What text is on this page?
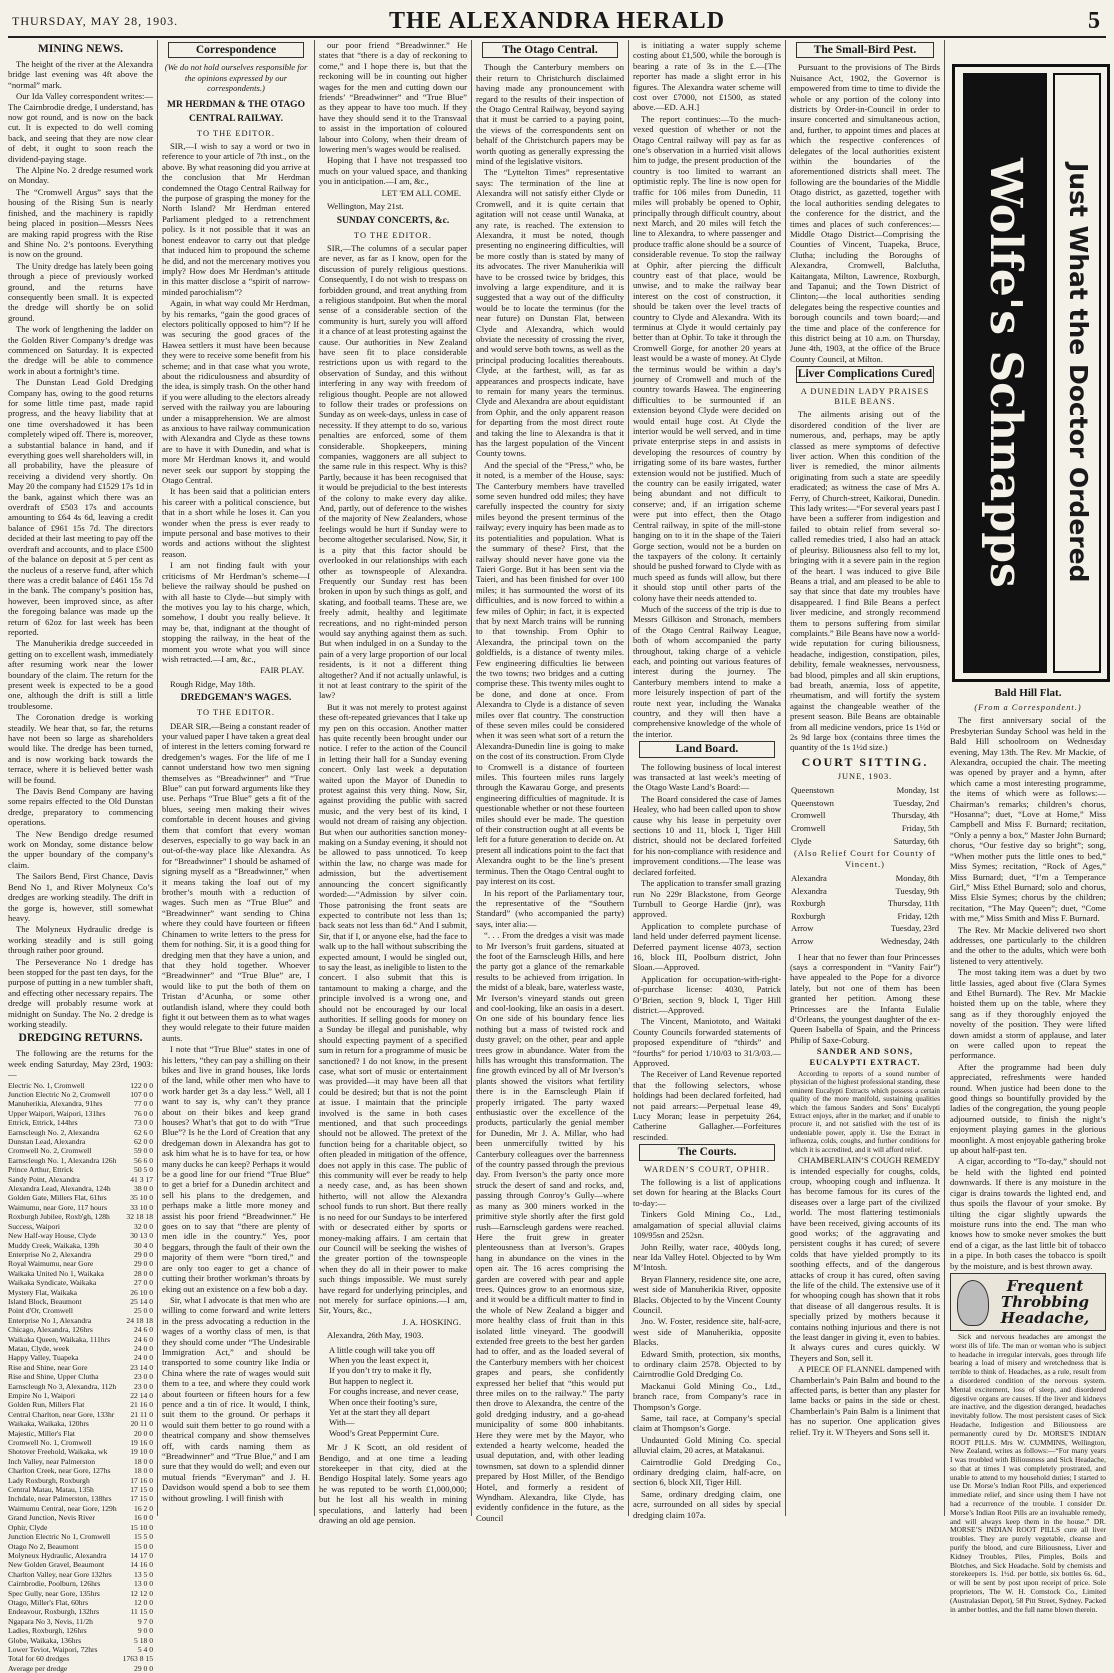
THURSDAY, MAY 28, 1903.	THE ALEXANDRA HERALD	5
MINING NEWS.

The height of the river at the Alexandra bridge last evening was 4ft above the “normal” mark.

Our Ida Valley correspondent writes:—The Cairnbrodie dredge, I understand, has now got round, and is now on the back cut. It is expected to do well coming back, and seeing that they are now clear of debt, it ought to soon reach the dividend-paying stage.

The Alpine No. 2 dredge resumed work on Monday.

The “Cromwell Argus” says that the housing of the Rising Sun is nearly finished, and the machinery is rapidly being placed in position—Messrs Nees are making rapid progress with the Rise and Shine No. 2’s pontoons. Everything is now on the ground.

The Unity dredge has lately been going through a piece of previously worked ground, and the returns have consequently been small. It is expected the dredge will shortly be on solid ground.

The work of lengthening the ladder on the Golden River Company’s dredge was commenced on Saturday. It is expected the dredge will be able to commence work in about a fortnight’s time.

The Dunstan Lead Gold Dredging Company has, owing to the good returns for some little time past, made rapid progress, and the heavy liability that at one time overshadowed it has been completely wiped off. There is, moreover, a substantial balance in hand, and if everything goes well shareholders will, in all probability, have the pleasure of receiving a dividend very shortly. On May 20 the company had £1529 17s 1d in the bank, against which there was an overdraft of £503 17s and accounts amounting to £64 4s 6d, leaving a credit balance of £961 15s 7d. The directors decided at their last meeting to pay off the overdraft and accounts, and to place £500 of the balance on deposit at 5 per cent as the nucleus of a reserve fund, after which there was a credit balance of £461 15s 7d in the bank. The company’s position has, however, been improved since, as after the foregoing balance was made up the return of 62oz for last week has been reported.

The Manuherikia dredge succeeded in getting on to excellent wash, immediately after resuming work near the lower boundary of the claim. The return for the present week is expected to be a good one, although the drift is still a little troublesome.

The Coronation dredge is working steadily. We hear that, so far, the returns have not been so large as shareholders would like. The dredge has been turned, and is now working back towards the terrace, where it is believed better wash will be found.

The Davis Bend Company are having some repairs effected to the Old Dunstan dredge, preparatory to commencing operations.

The New Bendigo dredge resumed work on Monday, some distance below the upper boundary of the company’s claim.

The Sailors Bend, First Chance, Davis Bend No 1, and River Molyneux Co’s dredges are working steadily. The drift in the gorge is, however, still somewhat heavy.

The Molyneux Hydraulic dredge is working steadily and is still going through rather poor ground.

The Perseverance No 1 dredge has been stopped for the past ten days, for the purpose of putting in a new tumbler shaft, and effecting other necessary repairs. The dredge will probably resume work at midnight on Sunday. The No. 2 dredge is working steadily.

DREDGING RETURNS.

The following are the returns for the week ending Saturday, May 23rd, 1903:—

Electric No. 1, Cromwell	122 0 0
Junction Electric No 2, Cromwell	107 0 0
Manuherikia, Alexandra, 91hrs	77 0 0
Upper Waipori, Waipori, 131hrs	76 0 0
Ettrick, Ettrick, 144hrs	73 0 0
Earnscleugh No. 2, Alexandra	62 6 0
Dunstan Lead, Alexandra	62 0 0
Cromwell No. 2, Cromwell	59 0 0
Earnscleugh No. 1, Alexandra 126h	56 6 0
Prince Arthur, Ettrick	50 5 0
Sandy Point, Alexandra	41 3 17
Alexandra Lead, Alexandra, 124h	38 0 0
Golden Gate, Millers Flat, 61hrs	35 10 0
Waimumu, near Gore, 117 hours	33 10 0
Roxburgh Jubilee, Roxb'gh, 128h	32 18 18
Success, Waipori	32 0 0
New Half-way House, Clyde	30 13 0
Muddy Creek, Waikaka, 139h	30 4 0
Enterprise No 2, Alexandra	29 0 0
Royal Waimumu, near Gore	29 0 0
Waikaka United No 1, Waikaka	28 0 0
Waikaka Syndicate, Waikaka	27 0 0
Mystery Flat, Waikaka	26 10 0
Island Block, Beaumont	25 14 0
Point d'Or, Cromwell	25 0 0
Enterprise No 1, Alexandra	24 18 18
Chicago, Alexandra, 126hrs	24 6 0
Waikaka Queen, Waikaka, 111hrs	24 6 0
Matau, Clyde, week	24 0 0
Happy Valley, Tuapeka	24 0 0
Rise and Shine, near Gore	23 14 0
Rise and Shine, Upper Clutha	23 0 0
Earnscleugh No 3, Alexandra, 112h	23 0 0
Empire No 1, Waipori	22 14 0
Golden Run, Millers Flat	21 16 0
Central Charlton, near Gore, 133hr	21 11 0
Waikaka, Waikaka, 120hrs	20 11 0
Majestic, Miller's Flat	20 0 0
Cromwell No. 1, Cromwell	19 16 0
Shotover Freehold, Waikaka, wk	19 10 0
Inch Valley, near Palmerston	18 0 0
Charlton Creek, near Gore, 127hs	18 0 0
Lady Roxburgh, Roxburgh	17 16 0
Central Matau, Matau, 135h	17 15 0
Inchdale, near Palmerston, 138hrs	17 15 0
Waimumu Central, near Gore, 129h	16 2 0
Grand Junction, Nevis River	16 0 0
Ophir, Clyde	15 10 0
Junction Electric No 1, Cromwell	15 5 0
Otago No 2, Beaumont	15 0 0
Molyneux Hydraulic, Alexandra	14 17 0
New Golden Gravel, Beaumont	14 16 0
Charlton Valley, near Gore 132hrs	13 5 0
Cairnbrodie, Poolburn, 126hrs	13 0 0
Spec Gully, near Gore, 135hrs	12 12 0
Otago, Miller's Flat, 60hrs	12 0 0
Endeavour, Roxburgh, 132hrs	11 15 0
Ngapara No 3, Nevis, 11/2h	9 7 0
Ladies, Roxburgh, 126hrs	9 0 0
Globe, Waikaka, 136hrs	5 18 0
Lower Teviot, Waipori, 72hrs	5 4 0
Total for 60 dredges	1763 8 15
Average per dredge	29 0 0
Correspondence
(We do not hold ourselves responsible for the opinions expressed by our correspondents.)
MR HERDMAN & THE OTAGO CENTRAL RAILWAY.
TO THE EDITOR.

SIR,—I wish to say a word or two in reference to your article of 7th inst., on the above. By what reasoning did you arrive at the conclusion that Mr Herdman condemned the Otago Central Railway for the purpose of grasping the money for the North Island? Mr Herdman entered Parliament pledged to a retrenchment policy. Is it not possible that it was an honest endeavor to carry out that pledge that induced him to propound the scheme he did, and not the mercenary motives you imply? How does Mr Herdman’s attitude in this matter disclose a “spirit of narrow-minded parochialism”?

Again, in what way could Mr Herdman, by his remarks, “gain the good graces of electors politically opposed to him”? If he was securing the good graces of the Hawea settlers it must have been because they were to receive some benefit from his scheme; and in that case what you wrote, about the ridiculousness and absurdity of the idea, is simply trash. On the other hand if you were alluding to the electors already served with the railway you are labouring under a misapprehension. We are almost as anxious to have railway communication with Alexandra and Clyde as these towns are to have it with Dunedin, and what is more Mr Herdman knows it, and would never seek our support by stopping the Otago Central.

It has been said that a politician enters his career with a political conscience, but that in a short while he loses it. Can you wonder when the press is ever ready to impute personal and base motives to their words and actions without the slightest reason.

I am not finding fault with your criticisms of Mr Herdman’s scheme—I believe the railway should be pushed on with all haste to Clyde—but simply with the motives you lay to his charge, which, somehow, I doubt you really believe. It may be, that, indignant at the thought of stopping the railway, in the heat of the moment you wrote what you will since wish retracted.—I am, &c.,

FAIR PLAY.

Rough Ridge, May 18th.

DREDGEMAN’S WAGES.
TO THE EDITOR.

DEAR SIR,—Being a constant reader of your valued paper I have taken a great deal of interest in the letters coming forward re dredgemen’s wages. For the life of me I cannot understand how two men signing themselves as “Breadwinner” and “True Blue” can put forward arguments like they use. Perhaps “True Blue” gets a fit of the blues, seeing men making their wives comfortable in decent houses and giving them that comfort that every woman deserves, especially to go way back in an out-of-the-way place like Alexandra. As for “Breadwinner” I should be ashamed of signing myself as a “Breadwinner,” when it means taking the loaf out of my brother’s mouth with a reduction of wages. Such men as “True Blue” and “Breadwinner” want sending to China where they could have fourteen or fifteen Chinamen to write letters to the press for them for nothing. Sir, it is a good thing for dredging men that they have a union, and that they hold together. Whoever “Breadwinner” and “True Blue” are, I would like to put the both of them on Tristan d’Acunha, or some other outlandish island, where they could both fight it out between them as to what wages they would relegate to their future maiden aunts.

I note that “True Blue” states in one of his letters, “they can pay a shilling on their bikes and live in grand houses, like lords of the land, while other men who have to work harder get 3s a day less.” Well, all I want to say is, why can’t they prance about on their bikes and keep grand houses? What’s that got to do with “True Blue”? Is he the Lord of Creation that any dredgeman down in Alexandra has got to ask him what he is to have for tea, or how many ducks he can keep? Perhaps it would be a good line for our friend “True Blue” to get a brief for a Dunedin architect and sell his plans to the dredgemen, and perhaps make a little more money and assist his poor friend “Breadwinner.” He goes on to say that “there are plenty of men idle in the country.” Yes, poor beggars, through the fault of their own the majority of them were “born tired,” and are only too eager to get a chance of cutting their brother workman’s throats by eking out an existence on a few bob a day.

Sir, what I advocate is that men who are willing to come forward and write letters in the press advocating a reduction in the wages of a worthy class of men, is that they should come under “The Undesirable Immigration Act,” and should be transported to some country like India or China where the rate of wages would suit them to a tee, and where they could work about fourteen or fifteen hours for a few pence and a tin of rice. It would, I think, suit them to the ground. Or perhaps it would suit them better to go round with a theatrical company and show themselves off, with cards naming them as “Breadwinner” and “True Blue,” and I am sure that they would do well; and even our mutual friends “Everyman” and J. H. Davidson would spend a bob to see them without growling. I will finish with

our poor friend “Breadwinner.” He states that “there is a day of reckoning to come,” and I hope there is, but that the reckoning will be in counting out higher wages for the men and cutting down our friends’ “Breadwinner” and “True Blue” as they appear to have too much. If they have they should send it to the Transvaal to assist in the importation of coloured labour into Colony, when their dream of lowering men’s wages would be realised.

Hoping that I have not trespassed too much on your valued space, and thanking you in anticipation.—I am, &c.,

LET 'EM ALL COME.

Wellington, May 21st.

SUNDAY CONCERTS, &c.
TO THE EDITOR.

SIR,—The columns of a secular paper are never, as far as I know, open for the discussion of purely religious questions. Consequently, I do not wish to trespass on forbidden ground, and treat anything from a religious standpoint. But when the moral sense of a considerable section of the community is hurt, surely you will afford it a chance of at least protesting against the cause. Our authorities in New Zealand have seen fit to place considerable restrictions upon us with regard to the observation of Sunday, and this without interfering in any way with freedom of religious thought. People are not allowed to follow their trades or professions on Sunday as on week-days, unless in case of necessity. If they attempt to do so, various penalties are enforced, some of them considerable. Shopkeepers, mining companies, waggoners are all subject to the same rule in this respect. Why is this? Partly, because it has been recognised that it would be prejudicial to the best interests of the colony to make every day alike. And, partly, out of deference to the wishes of the majority of New Zealanders, whose feelings would be hurt if Sunday were to become altogether secularised. Now, Sir, it is a pity that this factor should be overlooked in our relationships with each other as townspeople of Alexandra. Frequently our Sunday rest has been broken in upon by such things as golf, and skating, and football teams. These are, we freely admit, healthy and legitimate recreations, and no right-minded person would say anything against them as such. But when indulged in on a Sunday to the pain of a very large proportion of our local residents, is it not a different thing altogether? And if not actually unlawful, is it not at least contrary to the spirit of the law?

But it was not merely to protest against these oft-repeated grievances that I take up my pen on this occasion. Another matter has quite recently been brought under our notice. I refer to the action of the Council in letting their hall for a Sunday evening concert. Only last week a deputation waited upon the Mayor of Dunedin to protest against this very thing. Now, Sir, against providing the public with sacred music, and the very best of its kind, I would not dream of raising any objection. But when our authorities sanction money-making on a Sunday evening, it should not be allowed to pass unnoticed. To keep within the law, no charge was made for admission, but the advertisement announcing the concert significantly worded:—“Admission by silver coin. Those patronising the front seats are expected to contribute not less than 1s; back seats not less than 6d.” And I submit, Sir, that if I, or anyone else, had the face to walk up to the hall without subscribing the expected amount, I would be singled out, to say the least, as ineligible to listen to the concert. I also submit that this is tantamount to making a charge, and the principle involved is a wrong one, and should not be encouraged by our local authorities. If selling goods for money on a Sunday be illegal and punishable, why should expecting payment of a specified sum in return for a programme of music be sanctioned? I do not know, in the present case, what sort of music or entertainment was provided—it may have been all that could be desired; but that is not the point at issue. I maintain that the principle involved is the same in both cases mentioned, and that such proceedings should not be allowed. The pretext of the function being for a charitable object, so often pleaded in mitigation of the offence, does not apply in this case. The public of this community will ever be ready to help a needy case, and, as has been shown hitherto, will not allow the Alexandra school funds to run short. But there really is no need for our Sundays to be interfered with or desecrated either by sports or money-making affairs. I am certain that our Council will be seeking the wishes of the greater portion of the townspeople when they do all in their power to make such things impossible. We must surely have regard for underlying principles, and not merely for surface opinions.—I am, Sir, Yours, &c.,

J. A. HOSKING.

Alexandra, 26th May, 1903.

A little cough will take you off
When you the least expect it,
If you don’t try to make it fly,
But happen to neglect it.
For coughs increase, and never cease,
When once their footing’s sure,
Yet at the start they all depart
With—
Wood’s Great Peppermint Cure.

Mr J K Scott, an old resident of Bendigo, and at one time a leading storekeeper in that city, died at the Bendigo Hospital lately. Some years ago he was reputed to be worth £1,000,000; but he lost all his wealth in mining speculations, and latterly had been drawing an old age pension.

The Otago Central.

Though the Canterbury members on their return to Christchurch disclaimed having made any pronouncement with regard to the results of their inspection of the Otago Central Railway, beyond saying that it must be carried to a paying point, the views of the correspondents sent on behalf of the Christchurch papers may be worth quoting as generally expressing the mind of the legislative visitors.

The “Lyttelton Times” representative says: The termination of the line at Alexandra will not satisfy either Clyde or Cromwell, and it is quite certain that agitation will not cease until Wanaka, at any rate, is reached. The extension to Alexandra, it must be noted, though presenting no engineering difficulties, will be more costly than is stated by many of its advocates. The river Manuherikia will have to be crossed twice by bridges, this involving a large expenditure, and it is suggested that a way out of the difficulty would be to locate the terminus (for the near future) on Dunstan Flat, between Clyde and Alexandra, which would obviate the necessity of crossing the river, and would serve both towns, as well as the principal producing localities thereabouts. Clyde, at the farthest, will, as far as appearances and prospects indicate, have to remain for many years the terminus. Clyde and Alexandra are about equidistant from Ophir, and the only apparent reason for departing from the most direct route and taking the line to Alexandra is that it has the largest population of the Vincent County towns.

And the special of the “Press,” who, be it noted, is a member of the House, says: The Canterbury members have travelled some seven hundred odd miles; they have carefully inspected the country for sixty miles beyond the present terminus of the railway; every inquiry has been made as to its potentialities and population. What is the summary of these? First, that the railway should never have gone via the Taieri Gorge. But it has been sent via the Taieri, and has been finished for over 100 miles; it has surmounted the worst of its difficulties, and is now forced to within a few miles of Ophir; in fact, it is expected that by next March trains will be running to that township. From Ophir to Alexandra, the principal town on the goldfields, is a distance of twenty miles. Few engineering difficulties lie between the two towns; two bridges and a cutting comprise these. This twenty miles ought to be done, and done at once. From Alexandra to Clyde is a distance of seven miles over flat country. The construction of these seven miles could be considered when it was seen what sort of a return the Alexandra-Dunedin line is going to make on the cost of its construction. From Clyde to Cromwell is a distance of fourteen miles. This fourteen miles runs largely through the Kawarau Gorge, and presents engineering difficulties of magnitude. It is questionable whether or not these fourteen miles should ever be made. The question of their construction ought at all events be left for a future generation to decide on. At present all indications point to the fact that Alexandra ought to be the line’s present terminus. Then the Otago Central ought to pay interest on its cost.

In his report of the Parliamentary tour, the representative of the “Southern Standard” (who accompanied the party) says, inter alia:—

“. . . From the dredges a visit was made to Mr Iverson’s fruit gardens, situated at the foot of the Earnscleugh Hills, and here the party got a glance of the remarkable results to be achieved from irrigation. In the midst of a bleak, bare, waterless waste, Mr Iverson’s vineyard stands out green and cool-looking, like an oasis in a desert. On one side of his boundary fence lies nothing but a mass of twisted rock and dusty gravel; on the other, pear and apple trees grow in abundance. Water from the hills has wrought this transformation. The fine growth evinced by all of Mr Iverson’s plants showed the visitors what fertility there is in the Earnscleugh Plain if properly irrigated. The party waxed enthusiastic over the excellence of the products, particularly the genial member for Dunedin, Mr J. A. Millar, who had been unmercifully twitted by his Canterbury colleagues over the barrenness of the country passed through the previous day. From Iverson’s the party once more struck the desert of sand and rocks, and, passing through Conroy’s Gully—where as many as 300 miners worked in the primitive style shortly after the first gold rush—Earnscleugh gardens were reached. Here the fruit grew in greater plenteousness than at Iverson’s. Grapes hang in abundance on the vines in the open air. The 16 acres comprising the garden are covered with pear and apple trees. Quinces grow to an enormous size, and it would be a difficult matter to find in the whole of New Zealand a bigger and more healthy class of fruit than in this isolated little vineyard. The goodwill extended free greets to the best her garden had to offer, and as the loaded several of the Canterbury members with her choicest grapes and pears, she confidently expressed her belief that “this would put three miles on to the railway.” The party then drove to Alexandra, the centre of the gold dredging industry, and a go-ahead municipality of some 800 inhabitants. Here they were met by the Mayor, who extended a hearty welcome, headed the usual deputation, and, with other leading townsmen, sat down to a splendid dinner prepared by Host Miller, of the Bendigo Hotel, and formerly a resident of Wyndham. Alexandra, like Clyde, has evidently confidence in the future, as the Council

is initiating a water supply scheme costing about £1,500, while the borough is bearing a rate of 3s in the £.—[The reporter has made a slight error in his figures. The Alexandra water scheme will cost over £7000, not £1500, as stated above.—ED. A.H.]

The report continues:—To the much-vexed question of whether or not the Otago Central railway will pay as far as one’s observation in a hurried visit allows him to judge, the present production of the country is too limited to warrant an optimistic reply. The line is now open for traffic for 106 miles from Dunedin, 11 miles will probably be opened to Ophir, principally through difficult country, about next March, and 20 miles will fetch the line to Alexandra, to where passenger and produce traffic alone should be a source of considerable revenue. To stop the railway at Ophir, after piercing the difficult country east of that place, would be unwise, and to make the railway bear interest on the cost of construction, it should be taken over the level tracts of country to Clyde and Alexandra. With its terminus at Clyde it would certainly pay better than at Ophir. To take it through the Cromwell Gorge, for another 20 years at least would be a waste of money. At Clyde the terminus would be within a day’s journey of Cromwell and much of the country towards Hawea. The engineering difficulties to be surmounted if an extension beyond Clyde were decided on would entail huge cost. At Clyde the interior would be well served, and in time private enterprise steps in and assists in developing the resources of country by irrigating some of its bare wastes, further extension would not be justified. Much of the country can be easily irrigated, water being abundant and not difficult to conserve; and, if an irrigation scheme were put into effect, then the Otago Central railway, in spite of the mill-stone hanging on to it in the shape of the Taieri Gorge section, would not be a burden on the taxpayers of the colony. It certainly should be pushed forward to Clyde with as much speed as funds will allow, but there it should stop until other parts of the colony have their needs attended to.

Much of the success of the trip is due to Messrs Gilkison and Stronach, members of the Otago Central Railway League, both of whom accompanied the party throughout, taking charge of a vehicle each, and pointing out various features of interest during the journey. The Canterbury members intend to make a more leisurely inspection of part of the route next year, including the Wanaka country, and they will then have a comprehensive knowledge of the whole of the interior.

Land Board.

The following business of local interest was transacted at last week’s meeting of the Otago Waste Land’s Board:—

The Board considered the case of James Healey, who had been called upon to show cause why his lease in perpetuity over sections 10 and 11, block I, Tiger Hill district, should not be declared forfeited for his non-compliance with residence and improvement conditions.—The lease was declared forfeited.

The application to transfer small grazing run No 229r Blackstone, from George Turnbull to George Hardie (jnr), was approved.

Application to complete purchase of land held under deferred payment license. Deferred payment license 4073, section 16, block III, Poolburn district, John Sloan.—Approved.

Application for occupation-with-right-of-purchase license: 4030, Patrick O’Brien, section 9, block I, Tiger Hill district.—Approved.

The Vincent, Maniototo, and Waitaki County Councils forwarded statements of proposed expenditure of “thirds” and “fourths” for period 1/10/03 to 31/3/03.—Approved.

The Receiver of Land Revenue reported that the following selectors, whose holdings had been declared forfeited, had not paid arrears:—Perpetual lease 49, Lucy Moran; lease in perpetuity 264, Catherine Gallagher.—Forfeitures rescinded.

The Courts.
WARDEN’S COURT, OPHIR.

The following is a list of applications set down for hearing at the Blacks Court to-day:—

Tinkers Gold Mining Co., Ltd., amalgamation of special alluvial claims 109/95sn and 252sn.

John Reilly, water race, 400yds long, near Ida Valley Hotel. Objected to by Wm M’Intosh.

Bryan Flannery, residence site, one acre, west side of Manuherikia River, opposite Blacks. Objected to by the Vincent County Council.

Jno. W. Foster, residence site, half-acre, west side of Manuherikia, opposite Blacks.

Edward Smith, protection, six months, to ordinary claim 2578. Objected to by Cairntrodlie Gold Dredging Co.

Mackanui Gold Mining Co., Ltd., branch race, from Company’s race in Thompson’s Gorge.

Same, tail race, at Company’s special claim at Thompson’s Gorge.

Undaunted Gold Mining Co. special alluvial claim, 20 acres, at Matakanui.

Cairntrodlie Gold Dredging Co., ordinary dredging claim, half-acre, on section 6, block XII, Tiger Hill.

Same, ordinary dredging claim, one acre, surrounded on all sides by special dredging claim 107a.

The Small-Bird Pest.

Pursuant to the provisions of The Birds Nuisance Act, 1902, the Governor is empowered from time to time to divide the whole or any portion of the colony into districts by Order-in-Council in order to insure concerted and simultaneous action, and, further, to appoint times and places at which the respective conferences of delegates of the local authorities existent within the boundaries of the aforementioned districts shall meet. The following are the boundaries of the Middle Otago district, as gazetted, together with the local authorities sending delegates to the conference for the district, and the times and places of such conferences:—Middle Otago District—Comprising the Counties of Vincent, Tuapeka, Bruce, Clutha; including the Boroughs of Alexandra, Cromwell, Balclutha, Kaitangata, Milton, Lawrence, Roxburgh, and Tapanui; and the Town District of Clinton;—the local authorities sending delegates being the respective counties and borough councils and town board;—and the time and place of the conference for this district being at 10 a.m. on Thursday, June 4th, 1903, at the office of the Bruce County Council, at Milton.

Liver Complications Cured
A DUNEDIN LADY PRAISES BILE BEANS.

The ailments arising out of the disordered condition of the liver are numerous, and, perhaps, may be aptly classed as mere symptoms of defective liver action. When this condition of the liver is remedied, the minor ailments originating from such a state are speedily eradicated; as witness the case of Mrs A. Ferry, of Church-street, Kaikorai, Dunedin. This lady writes:—“For several years past I have been a sufferer from indigestion and failed to obtain relief from several so-called remedies tried, I also had an attack of pleurisy. Biliousness also fell to my lot, bringing with it a severe pain in the region of the heart. I was induced to give Bile Beans a trial, and am pleased to be able to say that since that date my troubles have disappeared. I find Bile Beans a perfect liver medicine, and strongly recommend them to persons suffering from similar complaints.” Bile Beans have now a world-wide reputation for curing biliousness, headache, indigestion, constipation, piles, debility, female weaknesses, nervousness, bad blood, pimples and all skin eruptions, bad breath, anæmia, loss of appetite, rheumatism, and will fortify the system against the changeable weather of the present season. Bile Beans are obtainable from all medicine vendors, price 1s 1½d or 2s 9d large box (contains three times the quantity of the 1s 1½d size.)

COURT SITTING.
JUNE, 1903.
Queenstown	Monday, 1st
Queenstown	Tuesday, 2nd
Cromwell	Thursday, 4th
Cromwell	Friday, 5th
Clyde	Saturday, 6th
(Also Relief Court for County of Vincent.)
Alexandra	Monday, 8th
Alexandra	Tuesday, 9th
Roxburgh	Thursday, 11th
Roxburgh	Friday, 12th
Arrow	Tuesday, 23rd
Arrow	Wednesday, 24th

I hear that no fewer than four Princesses (says a correspondent in “Vanity Fair”) have appealed to the Pope for a divorce lately, but not one of them has been granted her petition. Among these Princesses are the Infanta Eulalie d’Orleans, the youngest daughter of the ex-Queen Isabella of Spain, and the Princess Philip of Saxe-Coburg.

SANDER AND SONS, EUCALYPTI EXTRACT.

According to reports of a sound number of physician of the highest professional standing, these eminent Eucalypti Extracts which possess a certain quality of the more manifold, sustaining qualities which the famous Sanders and Sons’ Eucalypti Extract enjoys, after in the market; and if unable to procure it, and not satisfied with the test of its undeniable power, apply it. Use the Extract in influenza, colds, coughs, and further conditions for which it is accredited, and it will afford relief.

CHAMBERLAIN’S COUGH REMEDY is intended especially for coughs, colds, croup, whooping cough and influenza. It has become famous for its cures of the diseases over a large part of the civilized world. The most flattering testimonials have been received, giving accounts of its good works; of the aggravating and persistent coughs it has cured; of severe colds that have yielded promptly to its soothing effects, and of the dangerous attacks of croup it has cured, often saving the life of the child. The extensive use of it for whooping cough has shown that it robs that disease of all dangerous results. It is specially prized by mothers because it contains nothing injurious and there is not the least danger in giving it, even to babies. It always cures and cures quickly. W Theyers and Son, sell it.

A PIECE OF FLANNEL dampened with Chamberlain’s Pain Balm and bound to the affected parts, is better than any plaster for lame backs or pains in the side or chest. Chamberlain’s Pain Balm is a liniment that has no superior. One application gives relief. Try it. W Theyers and Sons sell it.

Wolfe's Schnapps	Just What the Doctor Ordered
Bald Hill Flat.
(From a Correspondent.)

The first anniversary social of the Presbyterian Sunday School was held in the Bald Hill schoolroom on Wednesday evening, May 13th. The Rev. Mr Mackie, of Alexandra, occupied the chair. The meeting was opened by prayer and a hymn, after which came a most interesting programme, the items of which were as follows:—Chairman’s remarks; children’s chorus, “Hosanna”; duet, “Love at Home,” Miss Campbell and Miss F. Burnard; recitation, “Only a penny a box,” Master John Burnard; chorus, “Our festive day so bright”; song, “When mother puts the little ones to bed,” Miss Symes; recitation, “Rock of Ages,” Miss Burnard; duet, “I’m a Temperance Girl,” Miss Ethel Burnard; solo and chorus, Miss Elsie Symes; chorus by the children; recitation, “The May Queen”; duet, “Come with me,” Miss Smith and Miss F. Burnard.

The Rev. Mr Mackie delivered two short addresses, one particularly to the children and the other to the adults, which were both listened to very attentively.

The most taking item was a duet by two little lassies, aged about five (Clara Symes and Ethel Burnard). The Rev. Mr Mackie hoisted them up on the table, where they sang as if they thoroughly enjoyed the novelty of the position. They were lifted down amidst a storm of applause, and later on were called upon to repeat the performance.

After the programme had been duly appreciated, refreshments were handed round. When justice had been done to the good things so bountifully provided by the ladies of the congregation, the young people adjourned outside, to finish the night’s enjoyment playing games in the glorious moonlight. A most enjoyable gathering broke up about half-past ten.

A cigar, according to “To-day,” should not be held with the lighted end pointed downwards. If there is any moisture in the cigar is drains towards the lighted end, and thus spoils the flavour of your smoke. By tilting the cigar slightly upwards the moisture runs into the end. The man who knows how to smoke never smokes the butt end of a cigar, as the last little bit of tobacco in a pipe. In both cases the tobacco is spoilt by the moisture, and is best thrown away.

Frequent Throbbing Headache,

Sick and nervous headaches are amongst the worst ills of life. The man or woman who is subject to headache in irregular intervals, goes through life bearing a load of misery and wretchedness that is terrible to think of. Headaches, as a rule, result from a disordered condition of the nervous system. Mental excitement, loss of sleep, and disordered digestive organs are causes. If the liver and kidneys are inactive, and the digestion deranged, headaches inevitably follow. The most persistent cases of Sick Headache, Indigestion and Biliousness are permanently cured by Dr. MORSE'S INDIAN ROOT PILLS. Mrs W. CUMMINS, Wellington, New Zealand, writes as follows:—“For many years I was troubled with Biliousness and Sick Headache, so that at times I was completely prostrated, and unable to attend to my household duties; I started to use Dr. Morse’s Indian Root Pills, and experienced immediate relief, and since using them I have not had a recurrence of the trouble. I consider Dr. Morse’s Indian Root Pills are an invaluable remedy, and will always keep them in the house.” DR. MORSE’S INDIAN ROOT PILLS cure all liver troubles. They are purely vegetable, cleanse and purify the blood, and cure Biliousness, Liver and Kidney Troubles, Piles, Pimples, Boils and Blotches, and Sick Headache. Sold by chemists and storekeepers 1s. 1½d. per bottle, six bottles 6s. 6d., or will be sent by post upon receipt of price. Sole proprietors, The W. H. Comstock Co., Limited (Australasian Depot), 58 Pitt Street, Sydney. Packed in amber bottles, and the full name blown therein.
